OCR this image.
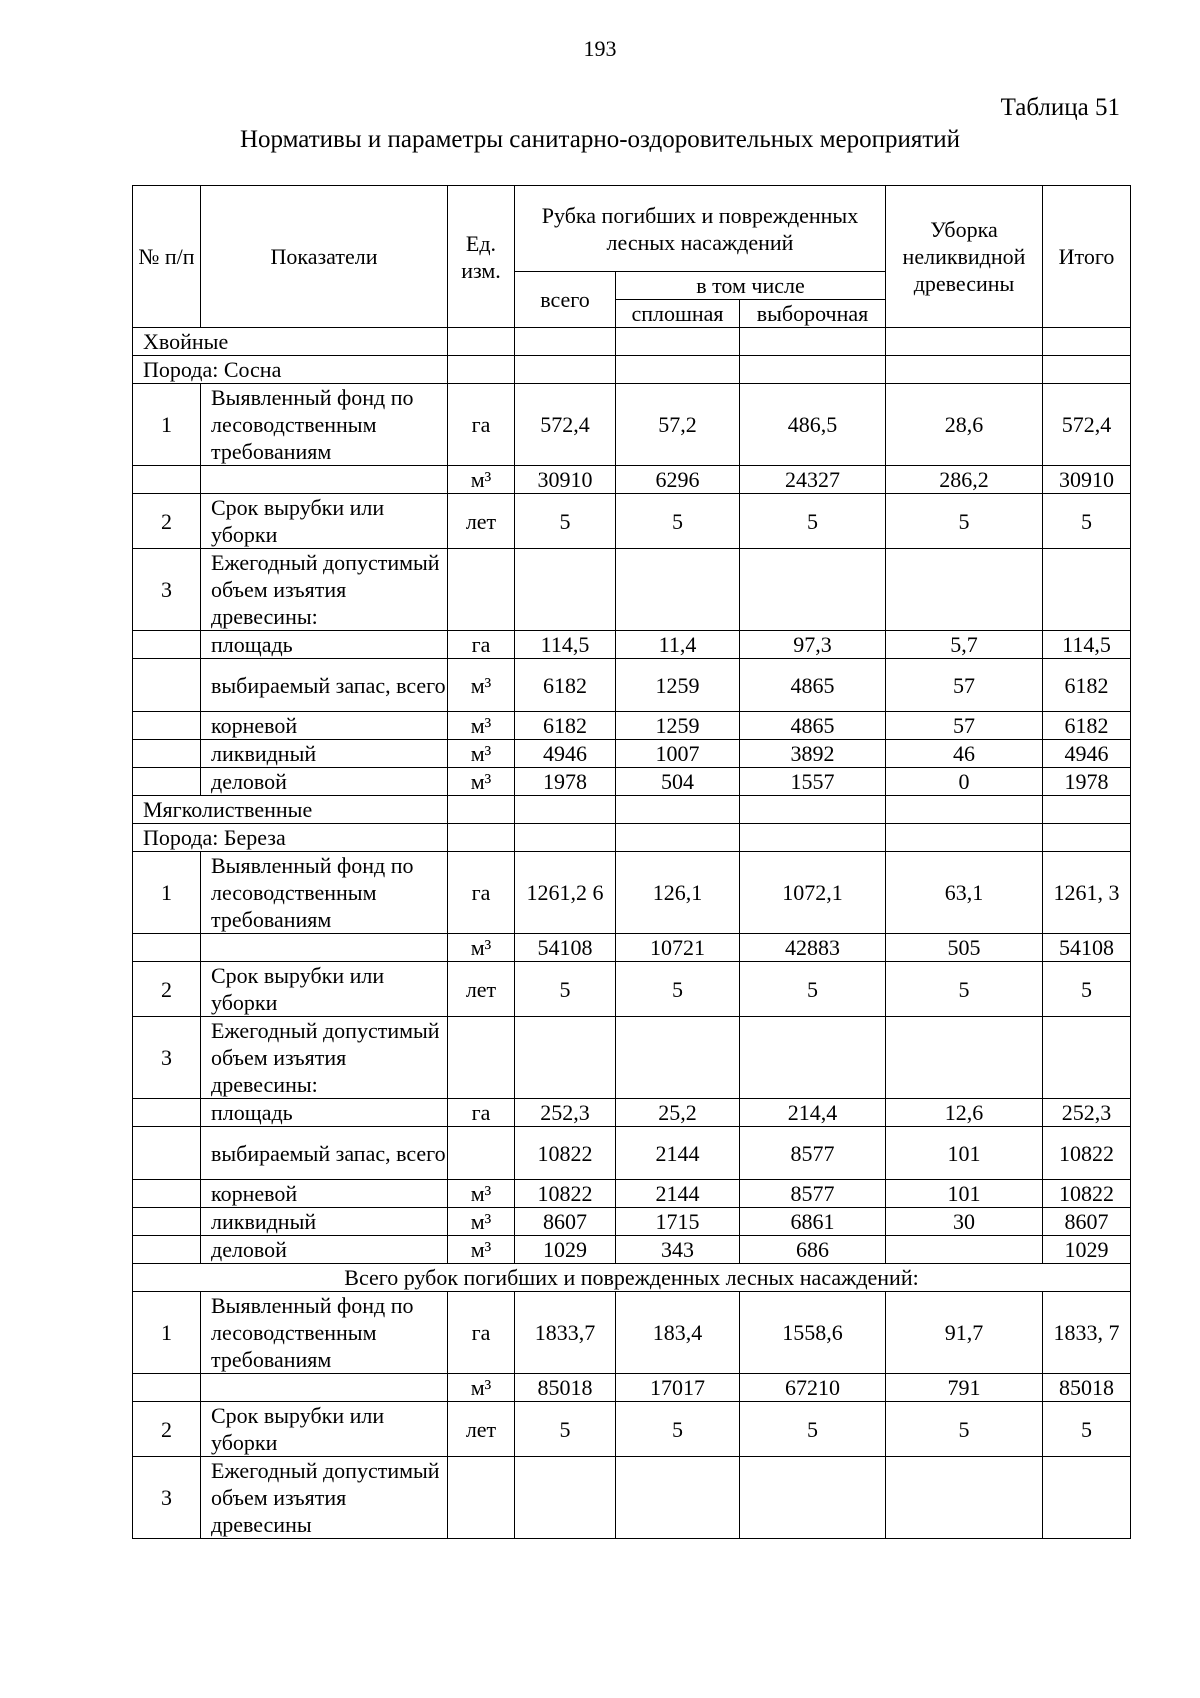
193
Таблица 51
Нормативы и параметры санитарно-оздоровительных мероприятий
№ п/п	Показатели	Ед. изм.	Рубка погибших и поврежденных лесных насаждений			Уборка неликвидной древесины	Итого
			всего	в том числе			
				сплошная	выборочная		
Хвойные							
Порода: Сосна							
1	Выявленный фонд по лесоводственным требованиям	га	572,4	57,2	486,5	28,6	572,4
		м³	30910	6296	24327	286,2	30910
2	Срок вырубки или уборки	лет	5	5	5	5	5
3	Ежегодный допустимый объем изъятия древесины:						
	площадь	га	114,5	11,4	97,3	5,7	114,5
	выбираемый запас, всего	м³	6182	1259	4865	57	6182
	корневой	м³	6182	1259	4865	57	6182
	ликвидный	м³	4946	1007	3892	46	4946
	деловой	м³	1978	504	1557	0	1978
Мягколиственные							
Порода: Береза							
1	Выявленный фонд по лесоводственным требованиям	га	1261,2 6	126,1	1072,1	63,1	1261, 3
		м³	54108	10721	42883	505	54108
2	Срок вырубки или уборки	лет	5	5	5	5	5
3	Ежегодный допустимый объем изъятия древесины:						
	площадь	га	252,3	25,2	214,4	12,6	252,3
	выбираемый запас, всего		10822	2144	8577	101	10822
	корневой	м³	10822	2144	8577	101	10822
	ликвидный	м³	8607	1715	6861	30	8607
	деловой	м³	1029	343	686		1029
Всего рубок погибших и поврежденных лесных насаждений:							
1	Выявленный фонд по лесоводственным требованиям	га	1833,7	183,4	1558,6	91,7	1833, 7
		м³	85018	17017	67210	791	85018
2	Срок вырубки или уборки	лет	5	5	5	5	5
3	Ежегодный допустимый объем изъятия древесины						
